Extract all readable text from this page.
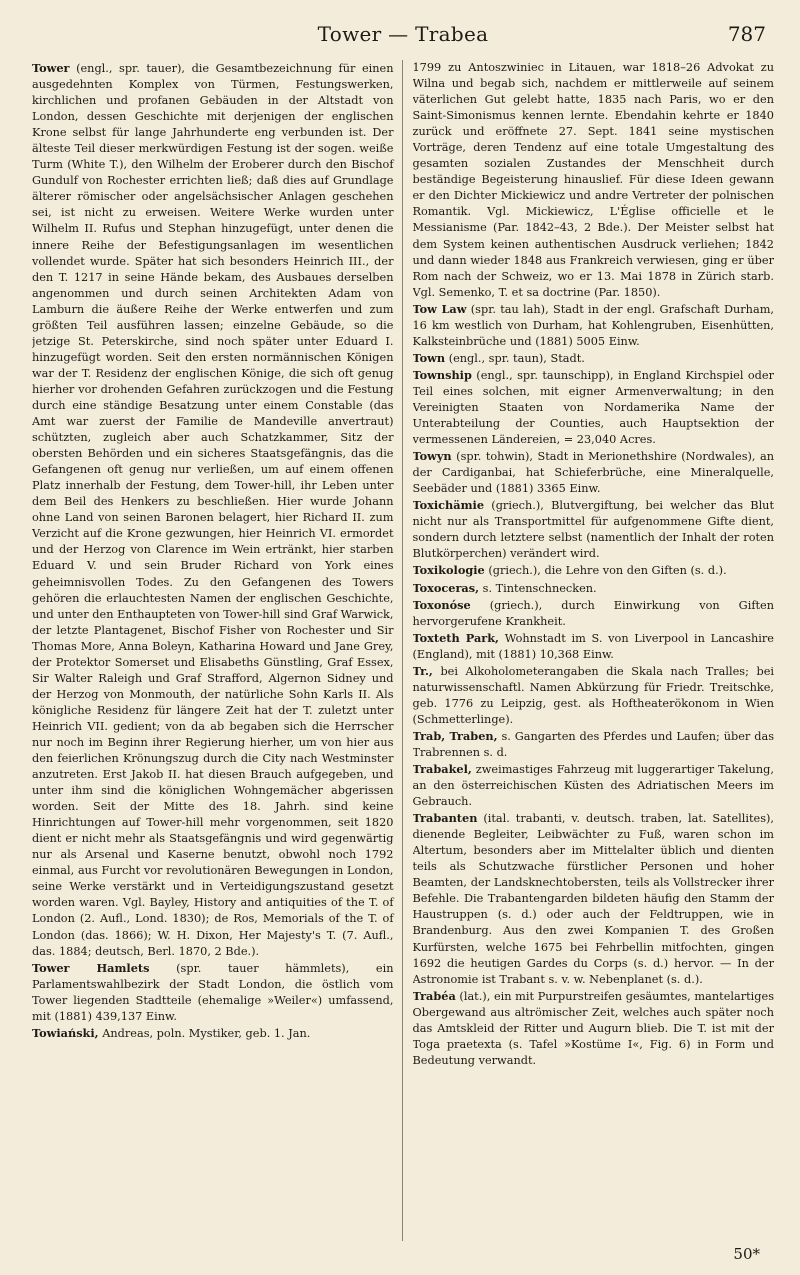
Tower — Trabea	787

Tower (engl., spr. tauer), die Gesamtbezeichnung für einen ausgedehnten Komplex von Türmen, Festungswerken, kirchlichen und profanen Gebäuden in der Altstadt von London, dessen Geschichte mit derjenigen der englischen Krone selbst für lange Jahrhunderte eng verbunden ist. Der älteste Teil dieser merkwürdigen Festung ist der sogen. weiße Turm (White T.), den Wilhelm der Eroberer durch den Bischof Gundulf von Rochester errichten ließ; daß dies auf Grundlage älterer römischer oder angelsächsischer Anlagen geschehen sei, ist nicht zu erweisen. Weitere Werke wurden unter Wilhelm II. Rufus und Stephan hinzugefügt, unter denen die innere Reihe der Befestigungsanlagen im wesentlichen vollendet wurde. Später hat sich besonders Heinrich III., der den T. 1217 in seine Hände bekam, des Ausbaues derselben angenommen und durch seinen Architekten Adam von Lamburn die äußere Reihe der Werke entwerfen und zum größten Teil ausführen lassen; einzelne Gebäude, so die jetzige St. Peterskirche, sind noch später unter Eduard I. hinzugefügt worden. Seit den ersten normännischen Königen war der T. Residenz der englischen Könige, die sich oft genug hierher vor drohenden Gefahren zurückzogen und die Festung durch eine ständige Besatzung unter einem Constable (das Amt war zuerst der Familie de Mandeville anvertraut) schützten, zugleich aber auch Schatzkammer, Sitz der obersten Behörden und ein sicheres Staatsgefängnis, das die Gefangenen oft genug nur verließen, um auf einem offenen Platz innerhalb der Festung, dem Tower-hill, ihr Leben unter dem Beil des Henkers zu beschließen. Hier wurde Johann ohne Land von seinen Baronen belagert, hier Richard II. zum Verzicht auf die Krone gezwungen, hier Heinrich VI. ermordet und der Herzog von Clarence im Wein ertränkt, hier starben Eduard V. und sein Bruder Richard von York eines geheimnisvollen Todes. Zu den Gefangenen des Towers gehören die erlauchtesten Namen der englischen Geschichte, und unter den Enthaupteten von Tower-hill sind Graf Warwick, der letzte Plantagenet, Bischof Fisher von Rochester und Sir Thomas More, Anna Boleyn, Katharina Howard und Jane Grey, der Protektor Somerset und Elisabeths Günstling, Graf Essex, Sir Walter Raleigh und Graf Strafford, Algernon Sidney und der Herzog von Monmouth, der natürliche Sohn Karls II. Als königliche Residenz für längere Zeit hat der T. zuletzt unter Heinrich VII. gedient; von da ab begaben sich die Herrscher nur noch im Beginn ihrer Regierung hierher, um von hier aus den feierlichen Krönungszug durch die City nach Westminster anzutreten. Erst Jakob II. hat diesen Brauch aufgegeben, und unter ihm sind die königlichen Wohngemächer abgerissen worden. Seit der Mitte des 18. Jahrh. sind keine Hinrichtungen auf Tower-hill mehr vorgenommen, seit 1820 dient er nicht mehr als Staatsgefängnis und wird gegenwärtig nur als Arsenal und Kaserne benutzt, obwohl noch 1792 einmal, aus Furcht vor revolutionären Bewegungen in London, seine Werke verstärkt und in Verteidigungszustand gesetzt worden waren. Vgl. Bayley, History and antiquities of the T. of London (2. Aufl., Lond. 1830); de Ros, Memorials of the T. of London (das. 1866); W. H. Dixon, Her Majesty's T. (7. Aufl., das. 1884; deutsch, Berl. 1870, 2 Bde.).

Tower Hamlets (spr. tauer hämmlets), ein Parlamentswahlbezirk der Stadt London, die östlich vom Tower liegenden Stadtteile (ehemalige »Weiler«) umfassend, mit (1881) 439,137 Einw.

Towiański, Andreas, poln. Mystiker, geb. 1. Jan.

1799 zu Antoszwiniec in Litauen, war 1818–26 Advokat zu Wilna und begab sich, nachdem er mittlerweile auf seinem väterlichen Gut gelebt hatte, 1835 nach Paris, wo er den Saint-Simonismus kennen lernte. Ebendahin kehrte er 1840 zurück und eröffnete 27. Sept. 1841 seine mystischen Vorträge, deren Tendenz auf eine totale Umgestaltung des gesamten sozialen Zustandes der Menschheit durch beständige Begeisterung hinauslief. Für diese Ideen gewann er den Dichter Mickiewicz und andre Vertreter der polnischen Romantik. Vgl. Mickiewicz, L'Église officielle et le Messianisme (Par. 1842–43, 2 Bde.). Der Meister selbst hat dem System keinen authentischen Ausdruck verliehen; 1842 und dann wieder 1848 aus Frankreich verwiesen, ging er über Rom nach der Schweiz, wo er 13. Mai 1878 in Zürich starb. Vgl. Semenko, T. et sa doctrine (Par. 1850).

Tow Law (spr. tau lah), Stadt in der engl. Grafschaft Durham, 16 km westlich von Durham, hat Kohlengruben, Eisenhütten, Kalksteinbrüche und (1881) 5005 Einw.

Town (engl., spr. taun), Stadt.

Township (engl., spr. taunschipp), in England Kirchspiel oder Teil eines solchen, mit eigner Armenverwaltung; in den Vereinigten Staaten von Nordamerika Name der Unterabteilung der Counties, auch Hauptsektion der vermessenen Ländereien, = 23,040 Acres.

Towyn (spr. tohwin), Stadt in Merionethshire (Nordwales), an der Cardiganbai, hat Schieferbrüche, eine Mineralquelle, Seebäder und (1881) 3365 Einw.

Toxichämie (griech.), Blutvergiftung, bei welcher das Blut nicht nur als Transportmittel für aufgenommene Gifte dient, sondern durch letztere selbst (namentlich der Inhalt der roten Blutkörperchen) verändert wird.

Toxikologie (griech.), die Lehre von den Giften (s. d.).

Toxoceras, s. Tintenschnecken.

Toxonóse (griech.), durch Einwirkung von Giften hervorgerufene Krankheit.

Toxteth Park, Wohnstadt im S. von Liverpool in Lancashire (England), mit (1881) 10,368 Einw.

Tr., bei Alkoholometerangaben die Skala nach Tralles; bei naturwissenschaftl. Namen Abkürzung für Friedr. Treitschke, geb. 1776 zu Leipzig, gest. als Hoftheaterökonom in Wien (Schmetterlinge).

Trab, Traben, s. Gangarten des Pferdes und Laufen; über das Trabrennen s. d.

Trabakel, zweimastiges Fahrzeug mit luggerartiger Takelung, an den österreichischen Küsten des Adriatischen Meers im Gebrauch.

Trabanten (ital. trabanti, v. deutsch. traben, lat. Satellites), dienende Begleiter, Leibwächter zu Fuß, waren schon im Altertum, besonders aber im Mittelalter üblich und dienten teils als Schutzwache fürstlicher Personen und hoher Beamten, der Landsknechtobersten, teils als Vollstrecker ihrer Befehle. Die Trabantengarden bildeten häufig den Stamm der Haustruppen (s. d.) oder auch der Feldtruppen, wie in Brandenburg. Aus den zwei Kompanien T. des Großen Kurfürsten, welche 1675 bei Fehrbellin mitfochten, gingen 1692 die heutigen Gardes du Corps (s. d.) hervor. — In der Astronomie ist Trabant s. v. w. Nebenplanet (s. d.).

Trabéa (lat.), ein mit Purpurstreifen gesäumtes, mantelartiges Obergewand aus altrömischer Zeit, welches auch später noch das Amtskleid der Ritter und Augurn blieb. Die T. ist mit der Toga praetexta (s. Tafel »Kostüme I«, Fig. 6) in Form und Bedeutung verwandt.

50*
